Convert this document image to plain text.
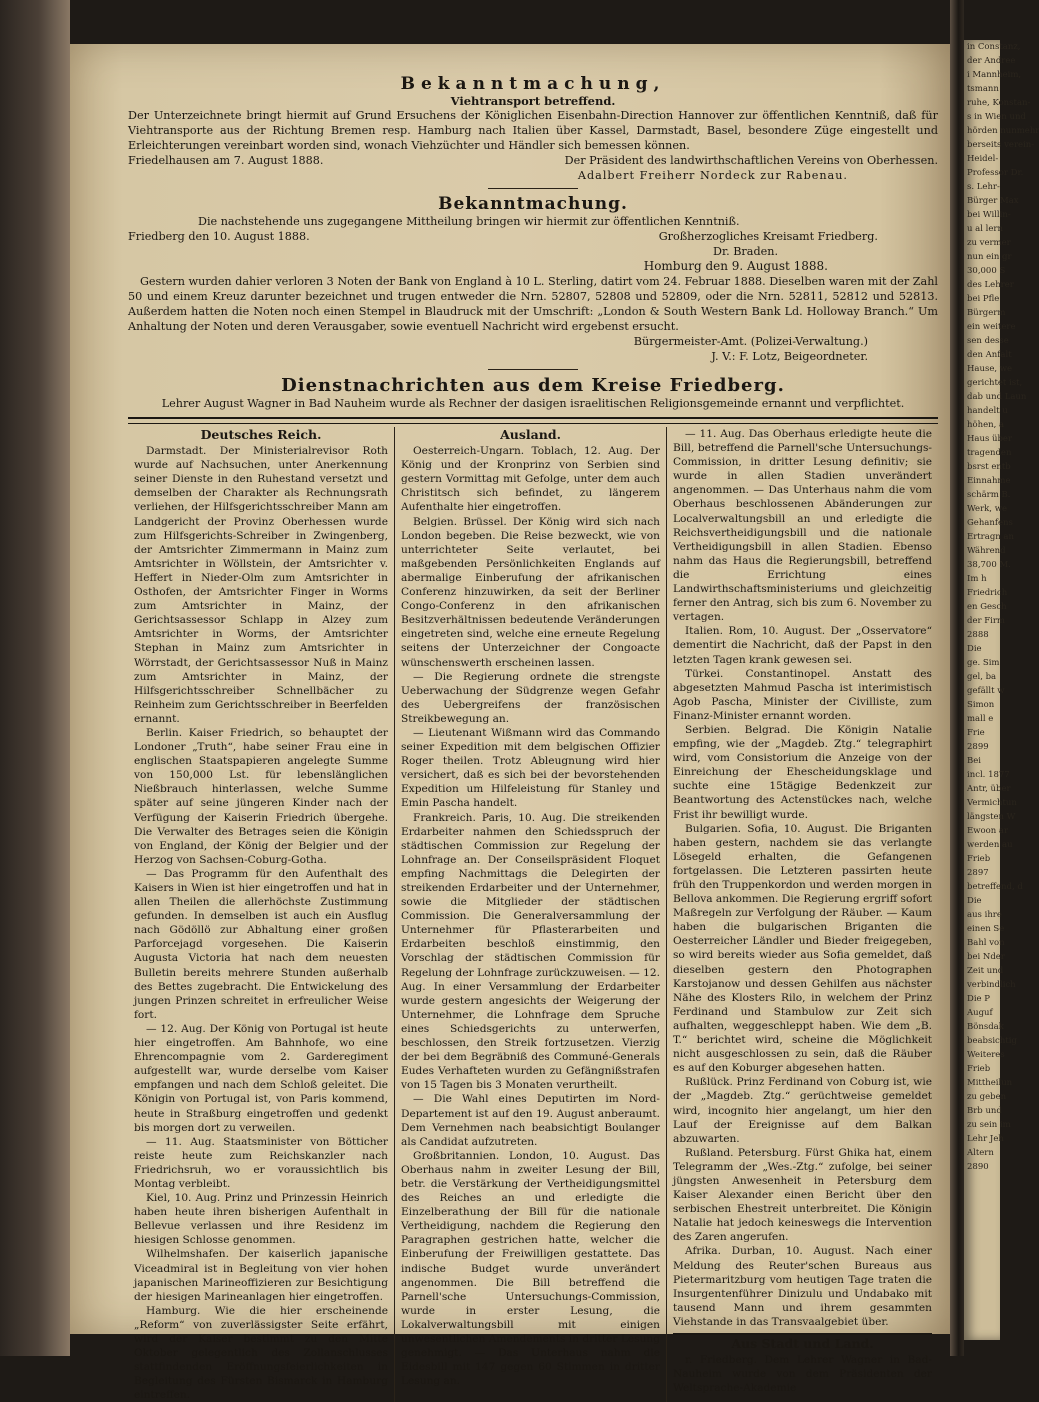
Bekanntmachung,
Viehtransport betreffend.
Der Unterzeichnete bringt hiermit auf Grund Ersuchens der Königlichen Eisenbahn-Direction Hannover zur öffentlichen Kenntniß, daß für Viehtransporte aus der Richtung Bremen resp. Hamburg nach Italien über Kassel, Darmstadt, Basel, besondere Züge eingestellt und Erleichterungen vereinbart worden sind, wonach Viehzüchter und Händler sich bemessen können.
Friedelhausen am 7. August 1888.	Der Präsident des landwirthschaftlichen Vereins von Oberhessen.
Adalbert Freiherr Nordeck zur Rabenau.
Bekanntmachung.
Die nachstehende uns zugegangene Mittheilung bringen wir hiermit zur öffentlichen Kenntniß.
Friedberg den 10. August 1888.	Großherzogliches Kreisamt Friedberg.
Dr. Braden.
Homburg den 9. August 1888.
Gestern wurden dahier verloren 3 Noten der Bank von England à 10 L. Sterling, datirt vom 24. Februar 1888. Dieselben waren mit der Zahl 50 und einem Kreuz darunter bezeichnet und trugen entweder die Nrn. 52807, 52808 und 52809, oder die Nrn. 52811, 52812 und 52813. Außerdem hatten die Noten noch einen Stempel in Blaudruck mit der Umschrift: „London & South Western Bank Ld. Holloway Branch.“ Um Anhaltung der Noten und deren Verausgaber, sowie eventuell Nachricht wird ergebenst ersucht.
Bürgermeister-Amt. (Polizei-Verwaltung.)
J. V.: F. Lotz, Beigeordneter.
Dienstnachrichten aus dem Kreise Friedberg.
Lehrer August Wagner in Bad Nauheim wurde als Rechner der dasigen israelitischen Religionsgemeinde ernannt und verpflichtet.
Deutsches Reich.

Darmstadt. Der Ministerialrevisor Roth wurde auf Nachsuchen, unter Anerkennung seiner Dienste in den Ruhestand versetzt und demselben der Charakter als Rechnungsrath verliehen, der Hilfsgerichtsschreiber Mann am Landgericht der Provinz Oberhessen wurde zum Hilfsgerichts-Schreiber in Zwingenberg, der Amtsrichter Zimmermann in Mainz zum Amtsrichter in Wöllstein, der Amtsrichter v. Heffert in Nieder-Olm zum Amtsrichter in Osthofen, der Amtsrichter Finger in Worms zum Amtsrichter in Mainz, der Gerichtsassessor Schlapp in Alzey zum Amtsrichter in Worms, der Amtsrichter Stephan in Mainz zum Amtsrichter in Wörrstadt, der Gerichtsassessor Nuß in Mainz zum Amtsrichter in Mainz, der Hilfsgerichtsschreiber Schnellbächer zu Reinheim zum Gerichtsschreiber in Beerfelden ernannt.

Berlin. Kaiser Friedrich, so behauptet der Londoner „Truth“, habe seiner Frau eine in englischen Staatspapieren angelegte Summe von 150,000 Lst. für lebenslänglichen Nießbrauch hinterlassen, welche Summe später auf seine jüngeren Kinder nach der Verfügung der Kaiserin Friedrich übergehe. Die Verwalter des Betrages seien die Königin von England, der König der Belgier und der Herzog von Sachsen-Coburg-Gotha.

— Das Programm für den Aufenthalt des Kaisers in Wien ist hier eingetroffen und hat in allen Theilen die allerhöchste Zustimmung gefunden. In demselben ist auch ein Ausflug nach Gödöllö zur Abhaltung einer großen Parforcejagd vorgesehen. Die Kaiserin Augusta Victoria hat nach dem neuesten Bulletin bereits mehrere Stunden außerhalb des Bettes zugebracht. Die Entwickelung des jungen Prinzen schreitet in erfreulicher Weise fort.

— 12. Aug. Der König von Portugal ist heute hier eingetroffen. Am Bahnhofe, wo eine Ehrencompagnie vom 2. Garderegiment aufgestellt war, wurde derselbe vom Kaiser empfangen und nach dem Schloß geleitet. Die Königin von Portugal ist, von Paris kommend, heute in Straßburg eingetroffen und gedenkt bis morgen dort zu verweilen.

— 11. Aug. Staatsminister von Bötticher reiste heute zum Reichskanzler nach Friedrichsruh, wo er voraussichtlich bis Montag verbleibt.

Kiel, 10. Aug. Prinz und Prinzessin Heinrich haben heute ihren bisherigen Aufenthalt in Bellevue verlassen und ihre Residenz im hiesigen Schlosse genommen.

Wilhelmshafen. Der kaiserlich japanische Viceadmiral ist in Begleitung von vier hohen japanischen Marineoffizieren zur Besichtigung der hiesigen Marineanlagen hier eingetroffen.

Hamburg. Wie die hier erscheinende „Reform“ von zuverlässigster Seite erfährt, wird der Kaiser bestimmt zu den Mitte Oktober gelegentlich des Zollanschlusses stattfindenden Eröffnungsfeierlichkeiten in Begleitung des Fürsten Bismarck in Hamburg eintreffen.

Ausland.

Oesterreich-Ungarn. Toblach, 12. Aug. Der König und der Kronprinz von Serbien sind gestern Vormittag mit Gefolge, unter dem auch Christitsch sich befindet, zu längerem Aufenthalte hier eingetroffen.

Belgien. Brüssel. Der König wird sich nach London begeben. Die Reise bezweckt, wie von unterrichteter Seite verlautet, bei maßgebenden Persönlichkeiten Englands auf abermalige Einberufung der afrikanischen Conferenz hinzuwirken, da seit der Berliner Congo-Conferenz in den afrikanischen Besitzverhältnissen bedeutende Veränderungen eingetreten sind, welche eine erneute Regelung seitens der Unterzeichner der Congoacte wünschenswerth erscheinen lassen.

— Die Regierung ordnete die strengste Ueberwachung der Südgrenze wegen Gefahr des Uebergreifens der französischen Streikbewegung an.

— Lieutenant Wißmann wird das Commando seiner Expedition mit dem belgischen Offizier Roger theilen. Trotz Ableugnung wird hier versichert, daß es sich bei der bevorstehenden Expedition um Hilfeleistung für Stanley und Emin Pascha handelt.

Frankreich. Paris, 10. Aug. Die streikenden Erdarbeiter nahmen den Schiedsspruch der städtischen Commission zur Regelung der Lohnfrage an. Der Conseilspräsident Floquet empfing Nachmittags die Delegirten der streikenden Erdarbeiter und der Unternehmer, sowie die Mitglieder der städtischen Commission. Die Generalversammlung der Unternehmer für Pflasterarbeiten und Erdarbeiten beschloß einstimmig, den Vorschlag der städtischen Commission für Regelung der Lohnfrage zurückzuweisen. — 12. Aug. In einer Versammlung der Erdarbeiter wurde gestern angesichts der Weigerung der Unternehmer, die Lohnfrage dem Spruche eines Schiedsgerichts zu unterwerfen, beschlossen, den Streik fortzusetzen. Vierzig der bei dem Begräbniß des Communé-Generals Eudes Verhafteten wurden zu Gefängnißstrafen von 15 Tagen bis 3 Monaten verurtheilt.

— Die Wahl eines Deputirten im Nord-Departement ist auf den 19. August anberaumt. Dem Vernehmen nach beabsichtigt Boulanger als Candidat aufzutreten.

Großbritannien. London, 10. August. Das Oberhaus nahm in zweiter Lesung der Bill, betr. die Verstärkung der Vertheidigungsmittel des Reiches an und erledigte die Einzelberathung der Bill für die nationale Vertheidigung, nachdem die Regierung den Paragraphen gestrichen hatte, welcher die Einberufung der Freiwilligen gestattete. Das indische Budget wurde unverändert angenommen. Die Bill betreffend die Parnell'sche Untersuchungs-Commission, wurde in erster Lesung, die Lokalverwaltungsbill mit einigen unwesentlichen Amendements in dritter Lesung genehmigt. — Das Unterhaus nahm die Eidesbill mit 147 gegen 60 Stimmen in dritter Lesung an.

— 11. Aug. Das Oberhaus erledigte heute die Bill, betreffend die Parnell'sche Untersuchungs-Commission, in dritter Lesung definitiv; sie wurde in allen Stadien unverändert angenommen. — Das Unterhaus nahm die vom Oberhaus beschlossenen Abänderungen zur Localverwaltungsbill an und erledigte die Reichsvertheidigungsbill und die nationale Vertheidigungsbill in allen Stadien. Ebenso nahm das Haus die Regierungsbill, betreffend die Errichtung eines Landwirthschaftsministeriums und gleichzeitig ferner den Antrag, sich bis zum 6. November zu vertagen.

Italien. Rom, 10. August. Der „Osservatore“ dementirt die Nachricht, daß der Papst in den letzten Tagen krank gewesen sei.

Türkei. Constantinopel. Anstatt des abgesetzten Mahmud Pascha ist interimistisch Agob Pascha, Minister der Civilliste, zum Finanz-Minister ernannt worden.

Serbien. Belgrad. Die Königin Natalie empfing, wie der „Magdeb. Ztg.“ telegraphirt wird, vom Consistorium die Anzeige von der Einreichung der Ehescheidungsklage und suchte eine 15tägige Bedenkzeit zur Beantwortung des Actenstückes nach, welche Frist ihr bewilligt wurde.

Bulgarien. Sofia, 10. August. Die Briganten haben gestern, nachdem sie das verlangte Lösegeld erhalten, die Gefangenen fortgelassen. Die Letzteren passirten heute früh den Truppenkordon und werden morgen in Bellova ankommen. Die Regierung ergriff sofort Maßregeln zur Verfolgung der Räuber. — Kaum haben die bulgarischen Briganten die Oesterreicher Ländler und Bieder freigegeben, so wird bereits wieder aus Sofia gemeldet, daß dieselben gestern den Photographen Karstojanow und dessen Gehilfen aus nächster Nähe des Klosters Rilo, in welchem der Prinz Ferdinand und Stambulow zur Zeit sich aufhalten, weggeschleppt haben. Wie dem „B. T.“ berichtet wird, scheine die Möglichkeit nicht ausgeschlossen zu sein, daß die Räuber es auf den Koburger abgesehen hatten.

Rußlück. Prinz Ferdinand von Coburg ist, wie der „Magdeb. Ztg.“ gerüchtweise gemeldet wird, incognito hier angelangt, um hier den Lauf der Ereignisse auf dem Balkan abzuwarten.

Rußland. Petersburg. Fürst Ghika hat, einem Telegramm der „Wes.-Ztg.“ zufolge, bei seiner jüngsten Anwesenheit in Petersburg dem Kaiser Alexander einen Bericht über den serbischen Ehestreit unterbreitet. Die Königin Natalie hat jedoch keineswegs die Intervention des Zaren angerufen.

Afrika. Durban, 10. August. Nach einer Meldung des Reuter'schen Bureaus aus Pietermaritzburg vom heutigen Tage traten die Insurgentenführer Dinizulu und Undabako mit tausend Mann und ihrem gesammten Viehstande in das Transvaalgebiet über.

Aus Stadt und Land.

r. Friedberg. Dem Lehrer Wagner in Bad-Nauheim wurde von dem Präsidenten der Weltsprache-Akademie

in Constanz,
der Andree
i Mannheim,
tsmann
ruhe, Konstan-
s in Wien und
hörden nunmehr
berseits verein-
Heidel-
Professor Dr.
s. Lehr-
Bürger Max
bei Willin-
u al lern
zu vermer
nun ein gr
30,000 S
des Lehrer
bei Pfle
Bürgerm
ein weitere
sen desse
den Anfalt
Hause, we
gerichtet ist,
dab und Laun
handelt u
höhen, a
Haus über
tragenden
bsrst entb
Einnahme
schärm B.
Werk, we
Gehanfens
Ertragn an
Während
38,700 M.
Im h
Friedrich
en Gesch
der Firm
2888
Die
ge. Sim
gel, ba
gefällt w
Simon
mall e
Frie
2899
Bei
incl. 1877
Antr, über
Vermichtun
längsten W
Ewoon ar
werden au
Frieb
2897
betreffend, d
Die
aus ihre
einen Se
Bahl von
bei Nder
Zeit und
verbindlich
Die P
Auguf
Bönsdak
beabsichtig
Weiteres
Frieb
Mittheilun
zu geben
Brb und
zu sein im
Lehr Jeh
Altern
2890
